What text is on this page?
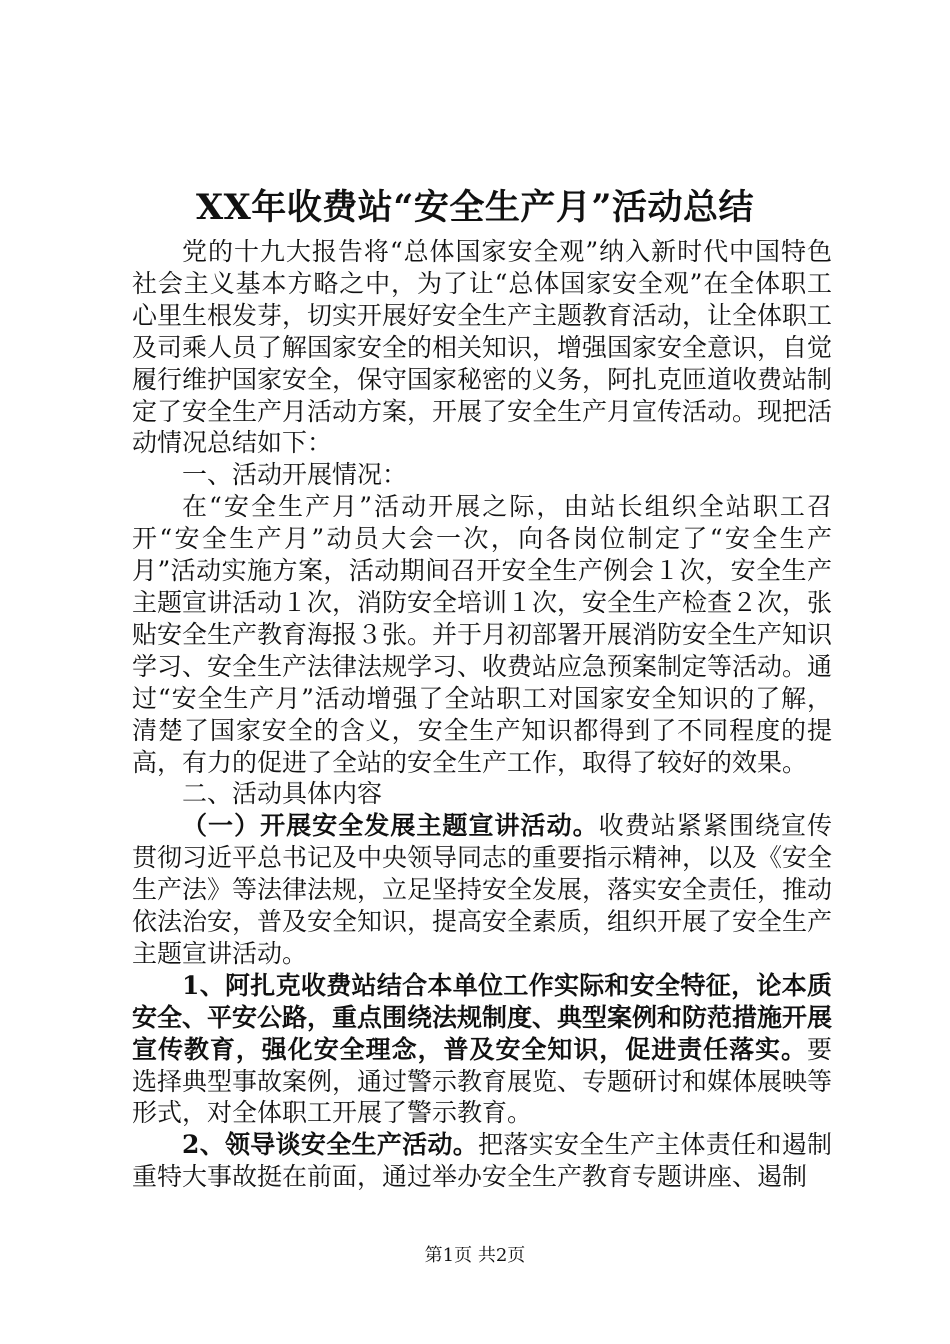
XX年收费站“安全生产月”活动总结

党的十九大报告将“总体国家安全观”纳入新时代中国特色社会主义基本方略之中，为了让“总体国家安全观”在全体职工心里生根发芽，切实开展好安全生产主题教育活动，让全体职工及司乘人员了解国家安全的相关知识，增强国家安全意识，自觉履行维护国家安全，保守国家秘密的义务，阿扎克匝道收费站制定了安全生产月活动方案，开展了安全生产月宣传活动。现把活动情况总结如下：

一、活动开展情况：

在“安全生产月”活动开展之际，由站长组织全站职工召开“安全生产月”动员大会一次，向各岗位制定了“安全生产月”活动实施方案，活动期间召开安全生产例会１次，安全生产主题宣讲活动１次，消防安全培训１次，安全生产检查２次，张贴安全生产教育海报３张。并于月初部署开展消防安全生产知识学习、安全生产法律法规学习、收费站应急预案制定等活动。通过“安全生产月”活动增强了全站职工对国家安全知识的了解，清楚了国家安全的含义，安全生产知识都得到了不同程度的提高，有力的促进了全站的安全生产工作，取得了较好的效果。

二、活动具体内容

（一）开展安全发展主题宣讲活动。收费站紧紧围绕宣传贯彻习近平总书记及中央领导同志的重要指示精神，以及《安全生产法》等法律法规，立足坚持安全发展，落实安全责任，推动依法治安，普及安全知识，提高安全素质，组织开展了安全生产主题宣讲活动。

1、阿扎克收费站结合本单位工作实际和安全特征，论本质安全、平安公路，重点围绕法规制度、典型案例和防范措施开展宣传教育，强化安全理念，普及安全知识，促进责任落实。要选择典型事故案例，通过警示教育展览、专题研讨和媒体展映等形式，对全体职工开展了警示教育。

2、领导谈安全生产活动。把落实安全生产主体责任和遏制重特大事故挺在前面，通过举办安全生产教育专题讲座、遏制

第1页 共2页
